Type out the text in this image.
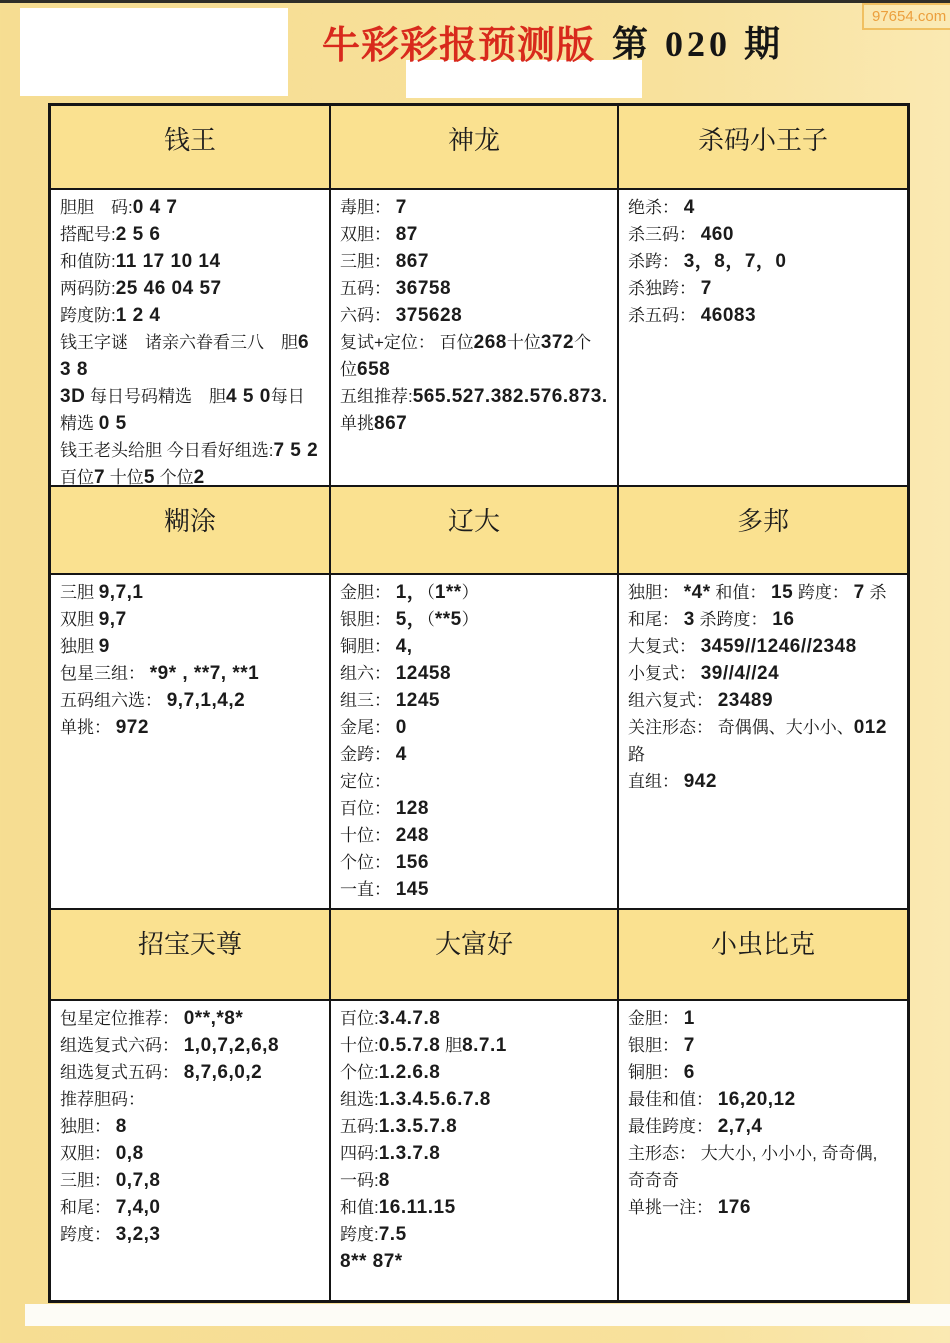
牛彩彩报预测版 第 020 期
97654.com
钱王
胆胆　码:0 4 7
搭配号:2 5 6
和值防:11 17 10 14
两码防:25 46 04 57
跨度防:1 2 4
钱王字谜　诸亲六眷看三八　胆6 3 8
3D 每日号码精选　胆4 5 0每日精选 0 5
钱王老头给胆 今日看好组选:7 5 2
百位7 十位5 个位2
神龙
毒胆： 7
双胆： 87
三胆： 867
五码： 36758
六码： 375628
复试+定位： 百位268十位372个位658
五组推荐:565.527.382.576.873.
单挑867
杀码小王子
绝杀： 4
杀三码： 460
杀跨： 3，8，7，0
杀独跨： 7
杀五码： 46083
糊涂
三胆 9,7,1
双胆 9,7
独胆 9
包星三组： *9* , **7, **1
五码组六选： 9,7,1,4,2
单挑： 972
辽大
金胆： 1，（1**）
银胆： 5，（**5）
铜胆： 4,
组六： 12458
组三： 1245
金尾： 0
金跨： 4
定位：
百位： 128
十位： 248
个位： 156
一直： 145
多邦
独胆： *4* 和值： 15 跨度： 7 杀和尾： 3 杀跨度： 16
大复式： 3459//1246//2348
小复式： 39//4//24
组六复式： 23489
关注形态： 奇偶偶、大小小、012路
直组： 942
招宝天尊
包星定位推荐： 0**,*8*
组选复式六码： 1,0,7,2,6,8
组选复式五码： 8,7,6,0,2
推荐胆码：
独胆： 8
双胆： 0,8
三胆： 0,7,8
和尾： 7,4,0
跨度： 3,2,3
大富好
百位:3.4.7.8
十位:0.5.7.8 胆8.7.1
个位:1.2.6.8
组选:1.3.4.5.6.7.8
五码:1.3.5.7.8
四码:1.3.7.8
一码:8
和值:16.11.15
跨度:7.5
8** 87*
小虫比克
金胆： 1
银胆： 7
铜胆： 6
最佳和值： 16,20,12
最佳跨度： 2,7,4
主形态： 大大小, 小小小, 奇奇偶, 奇奇奇
单挑一注： 176
